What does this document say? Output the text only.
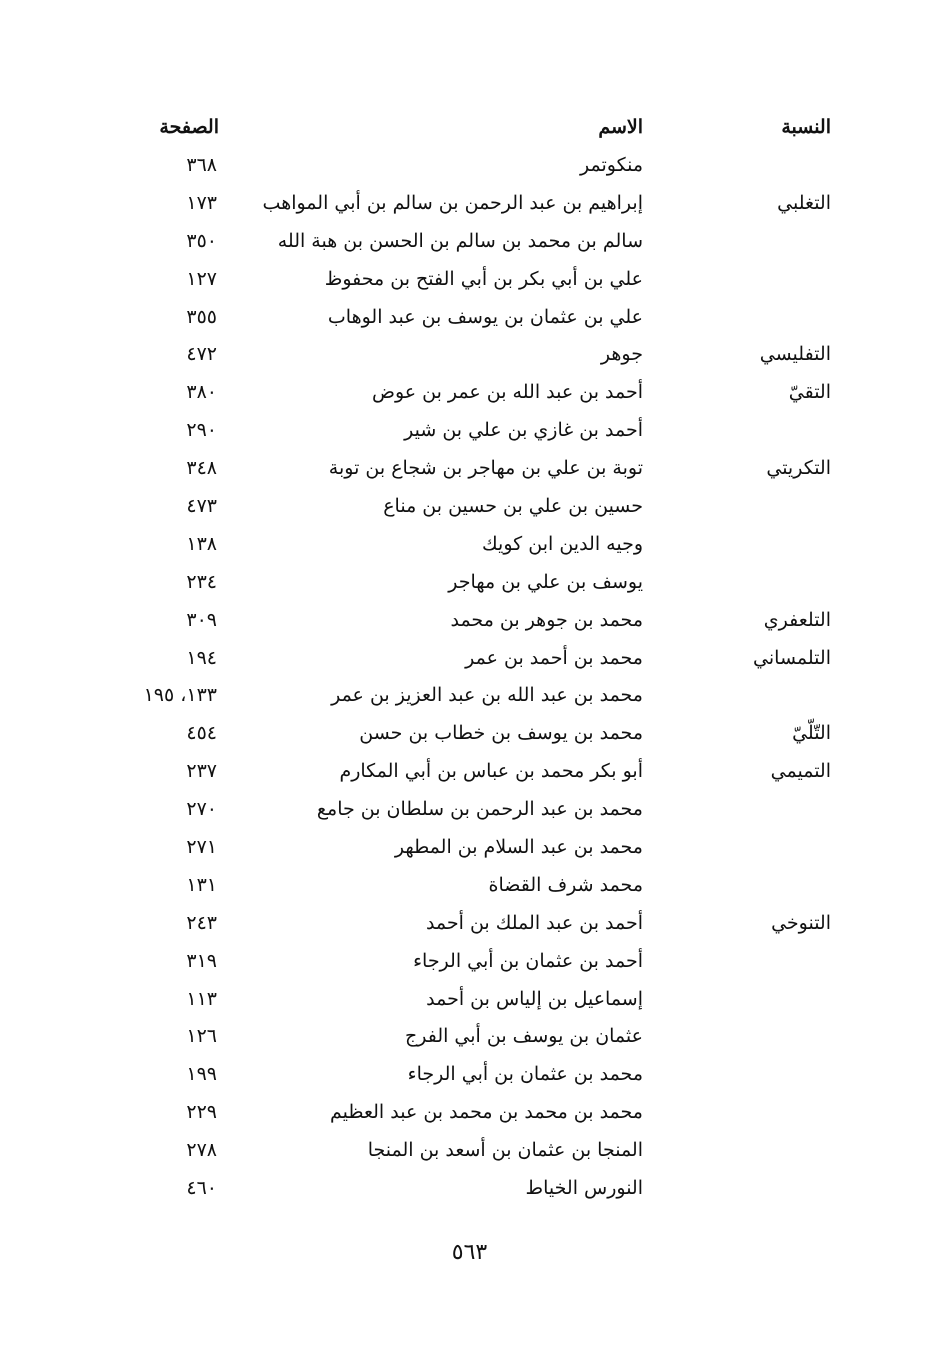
النسبة
الاسم
الصفحة
منكوتمر
٣٦٨
التغلبي
إبراهيم بن عبد الرحمن بن سالم بن أبي المواهب
١٧٣
سالم بن محمد بن سالم بن الحسن بن هبة الله
٣٥٠
علي بن أبي بكر بن أبي الفتح بن محفوظ
١٢٧
علي بن عثمان بن يوسف بن عبد الوهاب
٣٥٥
التفليسي
جوهر
٤٧٢
التقيّ
أحمد بن عبد الله بن عمر بن عوض
٣٨٠
أحمد بن غازي بن علي بن شير
٢٩٠
التكريتي
توبة بن علي بن مهاجر بن شجاع بن توبة
٣٤٨
حسين بن علي بن حسين بن مناع
٤٧٣
وجيه الدين ابن كويك
١٣٨
يوسف بن علي بن مهاجر
٢٣٤
التلعفري
محمد بن جوهر بن محمد
٣٠٩
التلمساني
محمد بن أحمد بن عمر
١٩٤
محمد بن عبد الله بن عبد العزيز بن عمر
١٣٣، ١٩٥
التّلّيّ
محمد بن يوسف بن خطاب بن حسن
٤٥٤
التميمي
أبو بكر محمد بن عباس بن أبي المكارم
٢٣٧
محمد بن عبد الرحمن بن سلطان بن جامع
٢٧٠
محمد بن عبد السلام بن المطهر
٢٧١
محمد شرف القضاة
١٣١
التنوخي
أحمد بن عبد الملك بن أحمد
٢٤٣
أحمد بن عثمان بن أبي الرجاء
٣١٩
إسماعيل بن إلياس بن أحمد
١١٣
عثمان بن يوسف بن أبي الفرج
١٢٦
محمد بن عثمان بن أبي الرجاء
١٩٩
محمد بن محمد بن محمد بن عبد العظيم
٢٢٩
المنجا بن عثمان بن أسعد بن المنجا
٢٧٨
النورس الخياط
٤٦٠
٥٦٣
